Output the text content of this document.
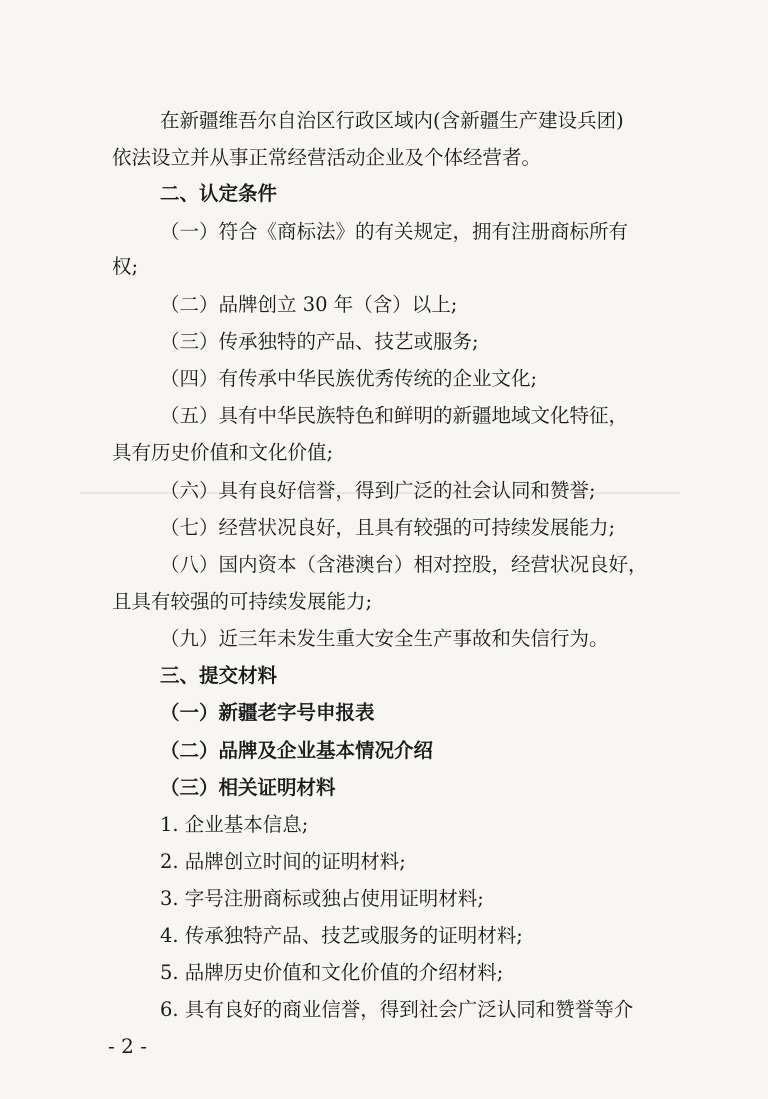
在新疆维吾尔自治区行政区域内(含新疆生产建设兵团)
依法设立并从事正常经营活动企业及个体经营者。
二、认定条件
（一）符合《商标法》的有关规定，拥有注册商标所有
权;
（二）品牌创立 30 年（含）以上;
（三）传承独特的产品、技艺或服务;
（四）有传承中华民族优秀传统的企业文化;
（五）具有中华民族特色和鲜明的新疆地域文化特征，
具有历史价值和文化价值;
（六）具有良好信誉，得到广泛的社会认同和赞誉;
（七）经营状况良好，且具有较强的可持续发展能力;
（八）国内资本（含港澳台）相对控股，经营状况良好，
且具有较强的可持续发展能力;
（九）近三年未发生重大安全生产事故和失信行为。
三、提交材料
（一）新疆老字号申报表
（二）品牌及企业基本情况介绍
（三）相关证明材料
1. 企业基本信息;
2. 品牌创立时间的证明材料;
3. 字号注册商标或独占使用证明材料;
4. 传承独特产品、技艺或服务的证明材料;
5. 品牌历史价值和文化价值的介绍材料;
6. 具有良好的商业信誉，得到社会广泛认同和赞誉等介
- 2 -
